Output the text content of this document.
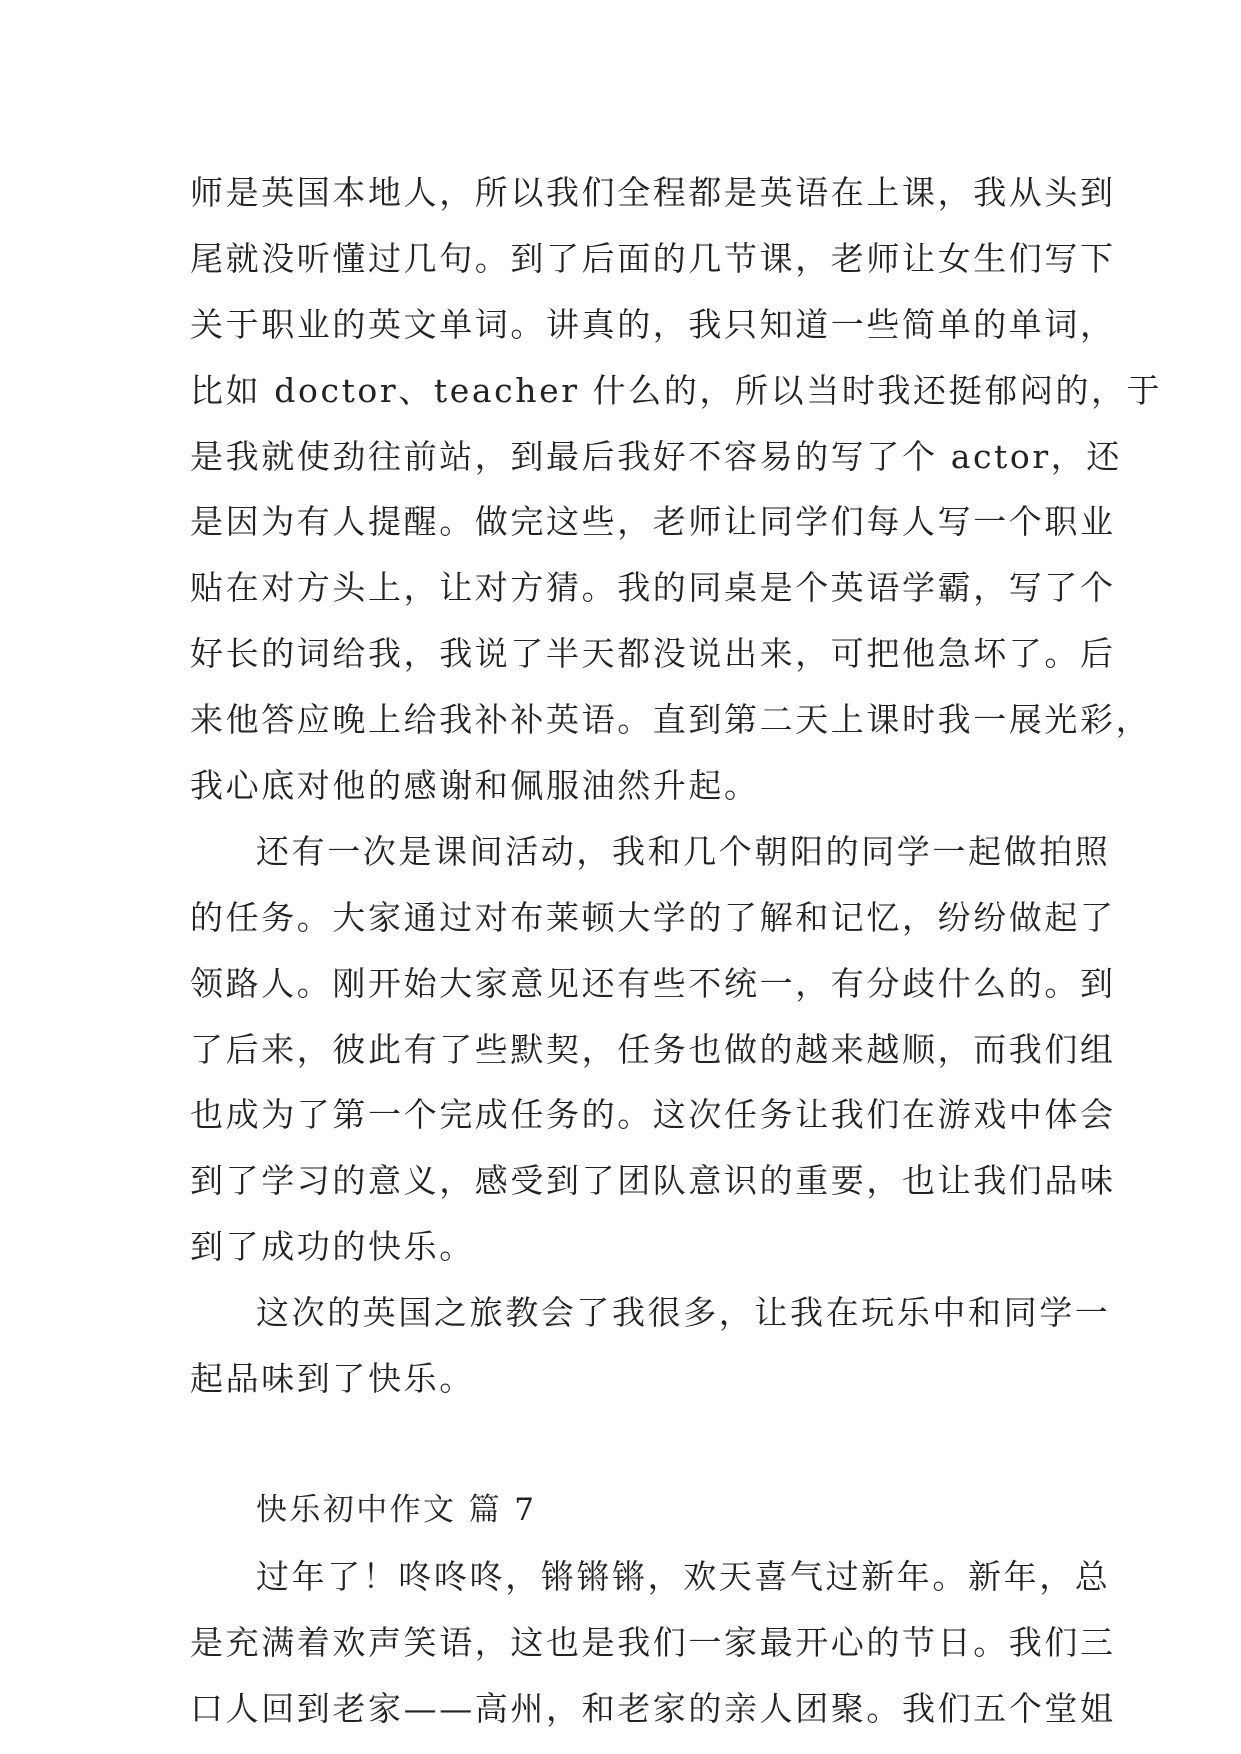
师是英国本地人，所以我们全程都是英语在上课，我从头到
尾就没听懂过几句。到了后面的几节课，老师让女生们写下
关于职业的英文单词。讲真的，我只知道一些简单的单词，
比如 doctor、teacher 什么的，所以当时我还挺郁闷的，于
是我就使劲往前站，到最后我好不容易的写了个 actor，还
是因为有人提醒。做完这些，老师让同学们每人写一个职业
贴在对方头上，让对方猜。我的同桌是个英语学霸，写了个
好长的词给我，我说了半天都没说出来，可把他急坏了。后
来他答应晚上给我补补英语。直到第二天上课时我一展光彩，
我心底对他的感谢和佩服油然升起。
还有一次是课间活动，我和几个朝阳的同学一起做拍照
的任务。大家通过对布莱顿大学的了解和记忆，纷纷做起了
领路人。刚开始大家意见还有些不统一，有分歧什么的。到
了后来，彼此有了些默契，任务也做的越来越顺，而我们组
也成为了第一个完成任务的。这次任务让我们在游戏中体会
到了学习的意义，感受到了团队意识的重要，也让我们品味
到了成功的快乐。
这次的英国之旅教会了我很多，让我在玩乐中和同学一
起品味到了快乐。
快乐初中作文 篇 7
过年了！咚咚咚，锵锵锵，欢天喜气过新年。新年，总
是充满着欢声笑语，这也是我们一家最开心的节日。我们三
口人回到老家——高州，和老家的亲人团聚。我们五个堂姐
